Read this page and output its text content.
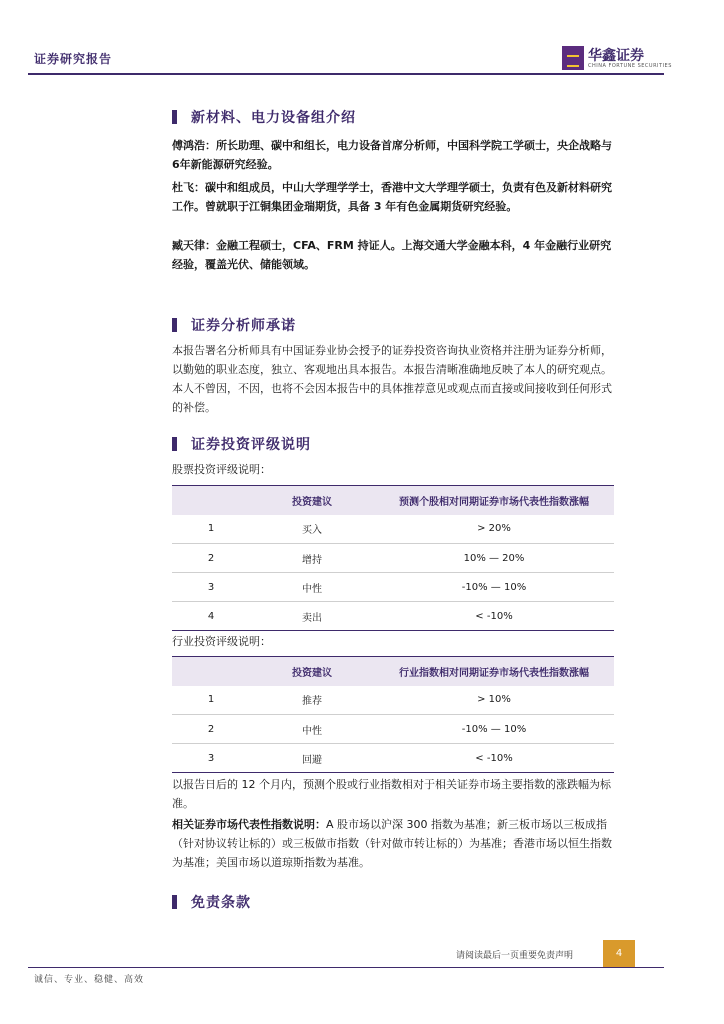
证券研究报告	华鑫证券
CHINA FORTUNE SECURITIES
新材料、电力设备组介绍
傅鸿浩：所长助理、碳中和组长，电力设备首席分析师，中国科学院工学硕士，央企战略与6年新能源研究经验。
杜飞：碳中和组成员，中山大学理学学士，香港中文大学理学硕士，负责有色及新材料研究工作。曾就职于江铜集团金瑞期货，具备 3 年有色金属期货研究经验。
臧天律：金融工程硕士，CFA、FRM 持证人。上海交通大学金融本科，4 年金融行业研究经验，覆盖光伏、储能领域。
证券分析师承诺
本报告署名分析师具有中国证券业协会授予的证券投资咨询执业资格并注册为证券分析师，以勤勉的职业态度，独立、客观地出具本报告。本报告清晰准确地反映了本人的研究观点。本人不曾因，不因，也将不会因本报告中的具体推荐意见或观点而直接或间接收到任何形式的补偿。
证券投资评级说明
股票投资评级说明：
	投资建议	预测个股相对同期证券市场代表性指数涨幅
1	买入	> 20%
2	增持	10% — 20%
3	中性	-10% — 10%
4	卖出	< -10%
行业投资评级说明：
	投资建议	行业指数相对同期证券市场代表性指数涨幅
1	推荐	> 10%
2	中性	-10% — 10%
3	回避	< -10%
以报告日后的 12 个月内，预测个股或行业指数相对于相关证券市场主要指数的涨跌幅为标准。
相关证券市场代表性指数说明：A 股市场以沪深 300 指数为基准；新三板市场以三板成指（针对协议转让标的）或三板做市指数（针对做市转让标的）为基准；香港市场以恒生指数为基准；美国市场以道琼斯指数为基准。
免责条款
请阅读最后一页重要免责声明	4
诚信、专业、稳健、高效
